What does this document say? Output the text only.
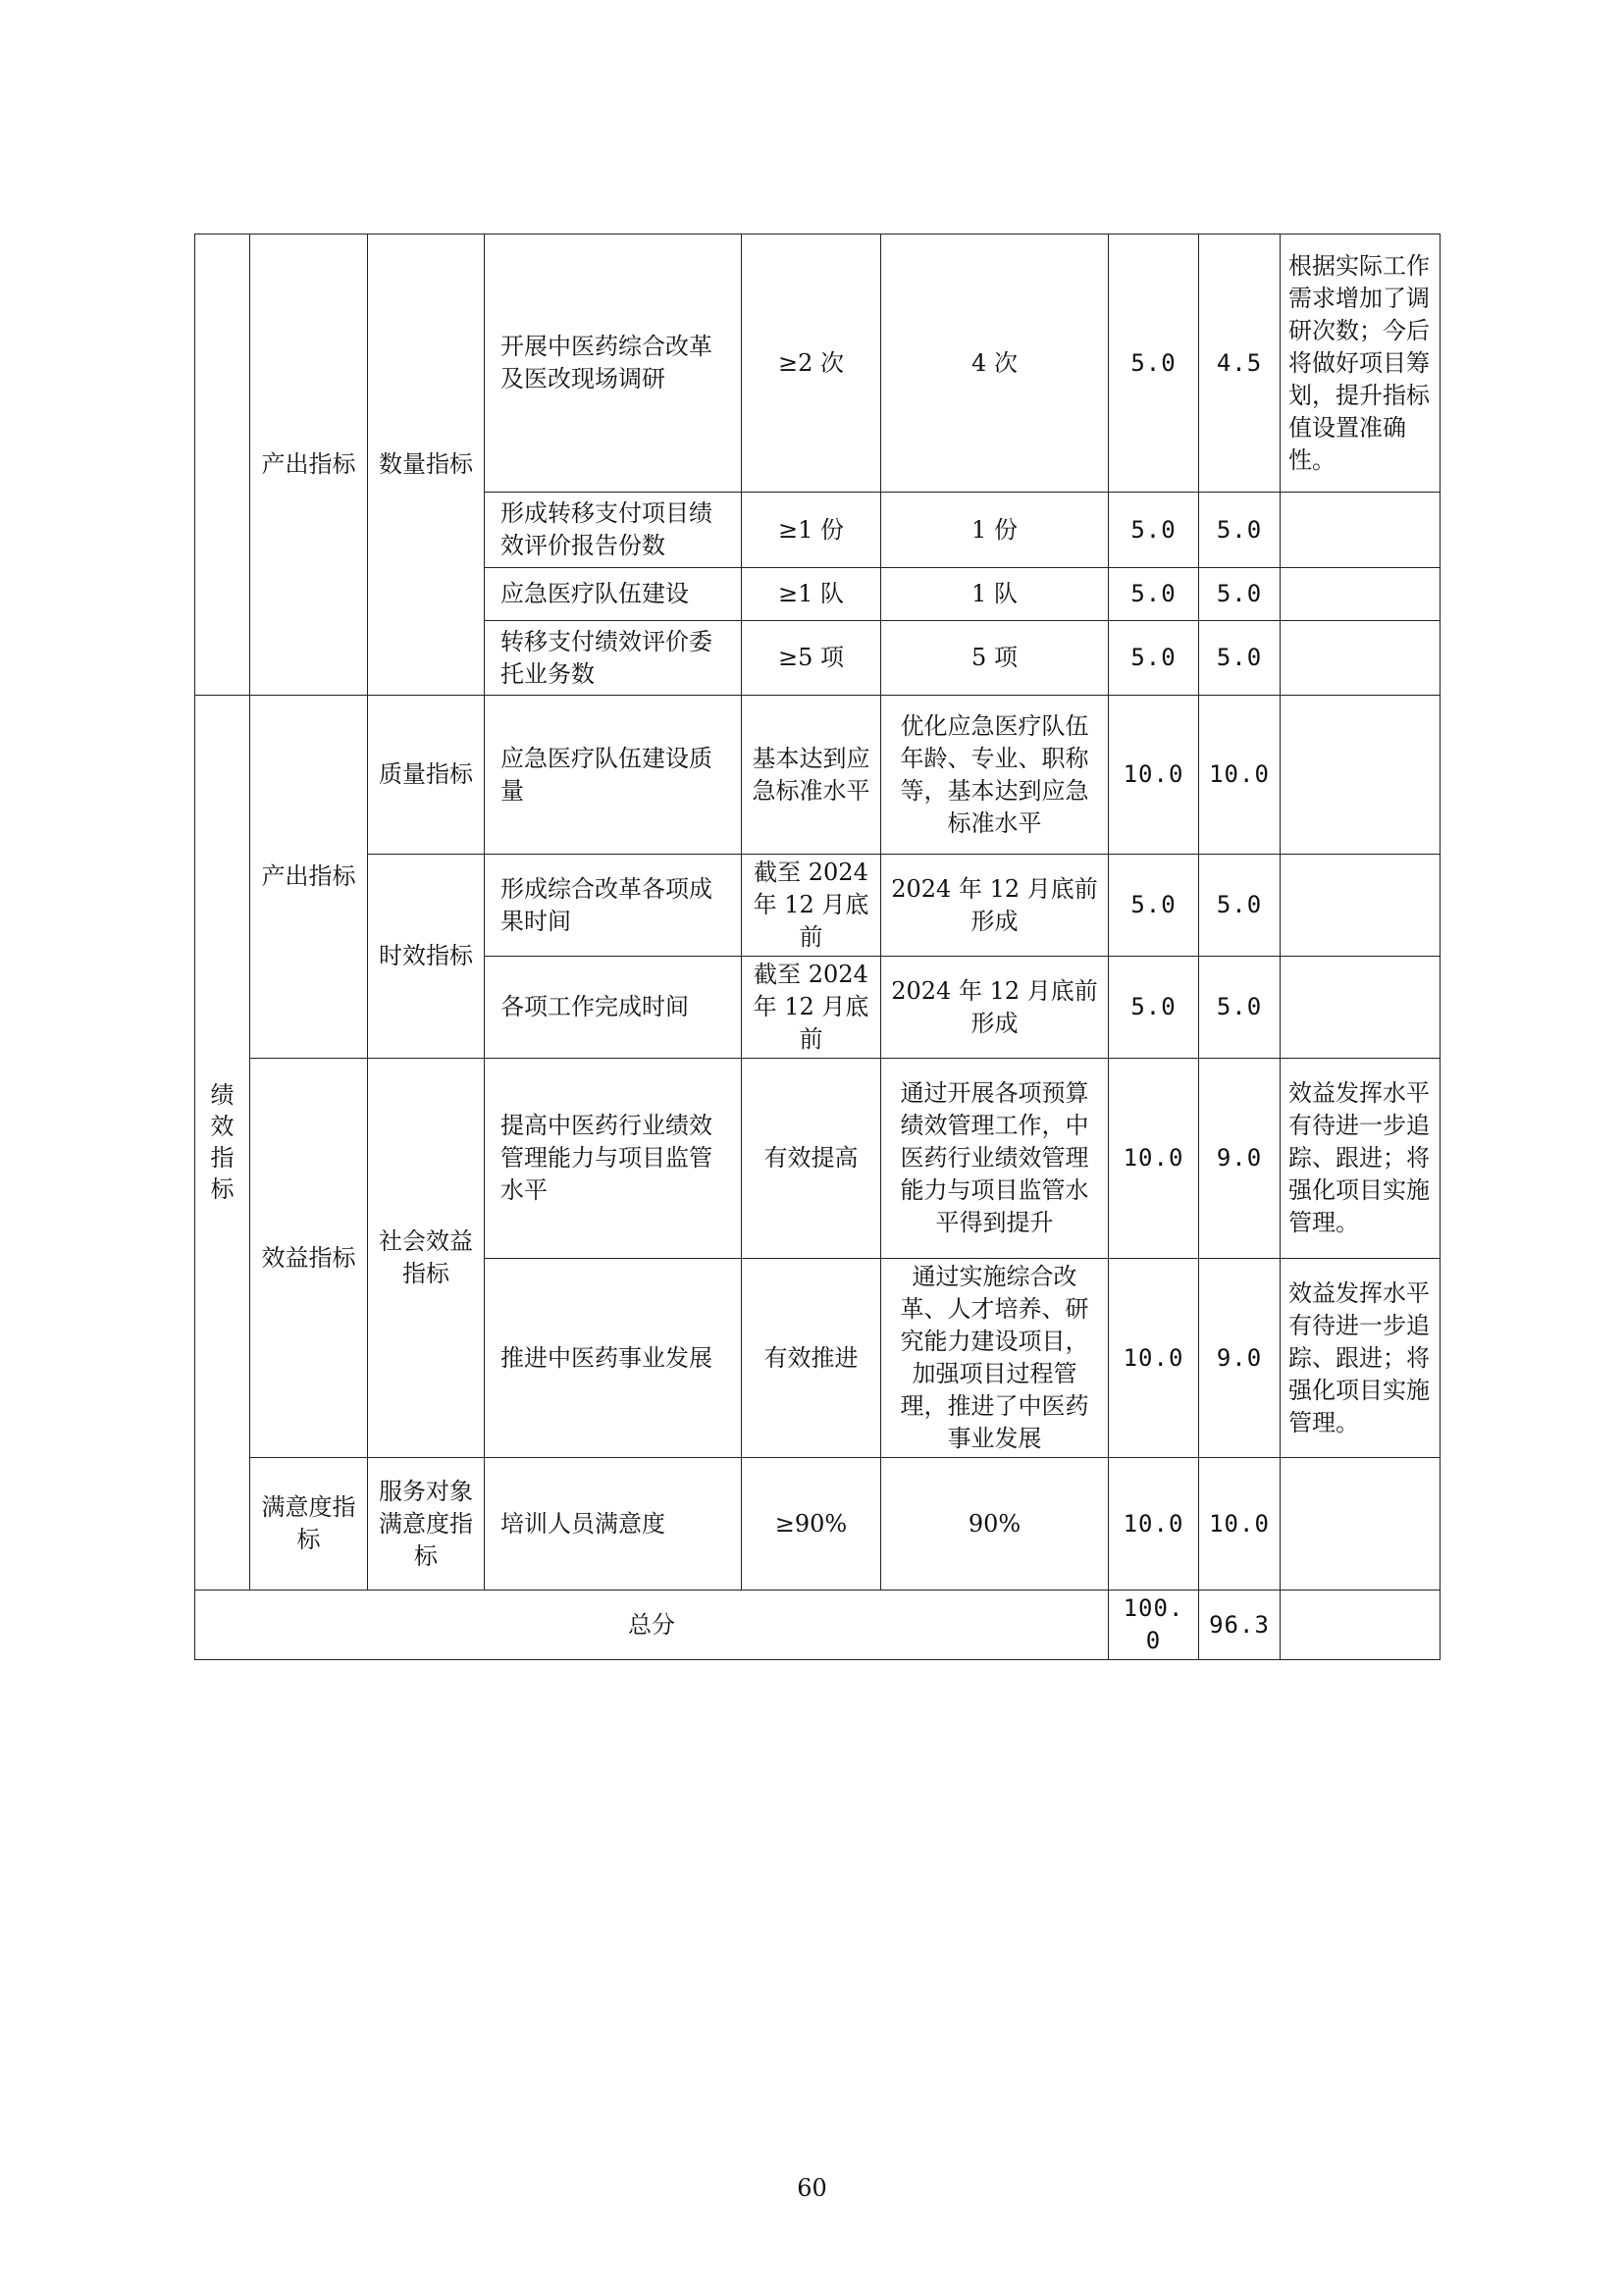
	产出指标	数量指标	开展中医药综合改革及医改现场调研	≥2 次	4 次	5.0	4.5	根据实际工作需求增加了调研次数；今后将做好项目筹划，提升指标值设置准确性。
			形成转移支付项目绩效评价报告份数	≥1 份	1 份	5.0	5.0	
			应急医疗队伍建设	≥1 队	1 队	5.0	5.0	
			转移支付绩效评价委托业务数	≥5 项	5 项	5.0	5.0	
绩效指标	产出指标	质量指标	应急医疗队伍建设质量	基本达到应急标准水平	优化应急医疗队伍年龄、专业、职称等，基本达到应急标准水平	10.0	10.0	
		时效指标	形成综合改革各项成果时间	截至 2024 年 12 月底前	2024 年 12 月底前形成	5.0	5.0	
			各项工作完成时间	截至 2024 年 12 月底前	2024 年 12 月底前形成	5.0	5.0	
	效益指标	社会效益指标	提高中医药行业绩效管理能力与项目监管水平	有效提高	通过开展各项预算绩效管理工作，中医药行业绩效管理能力与项目监管水平得到提升	10.0	9.0	效益发挥水平有待进一步追踪、跟进；将强化项目实施管理。
			推进中医药事业发展	有效推进	通过实施综合改革、人才培养、研究能力建设项目，加强项目过程管理，推进了中医药事业发展	10.0	9.0	效益发挥水平有待进一步追踪、跟进；将强化项目实施管理。
	满意度指标	服务对象满意度指标	培训人员满意度	≥90%	90%	10.0	10.0	
总分						100.0	96.3	
60
